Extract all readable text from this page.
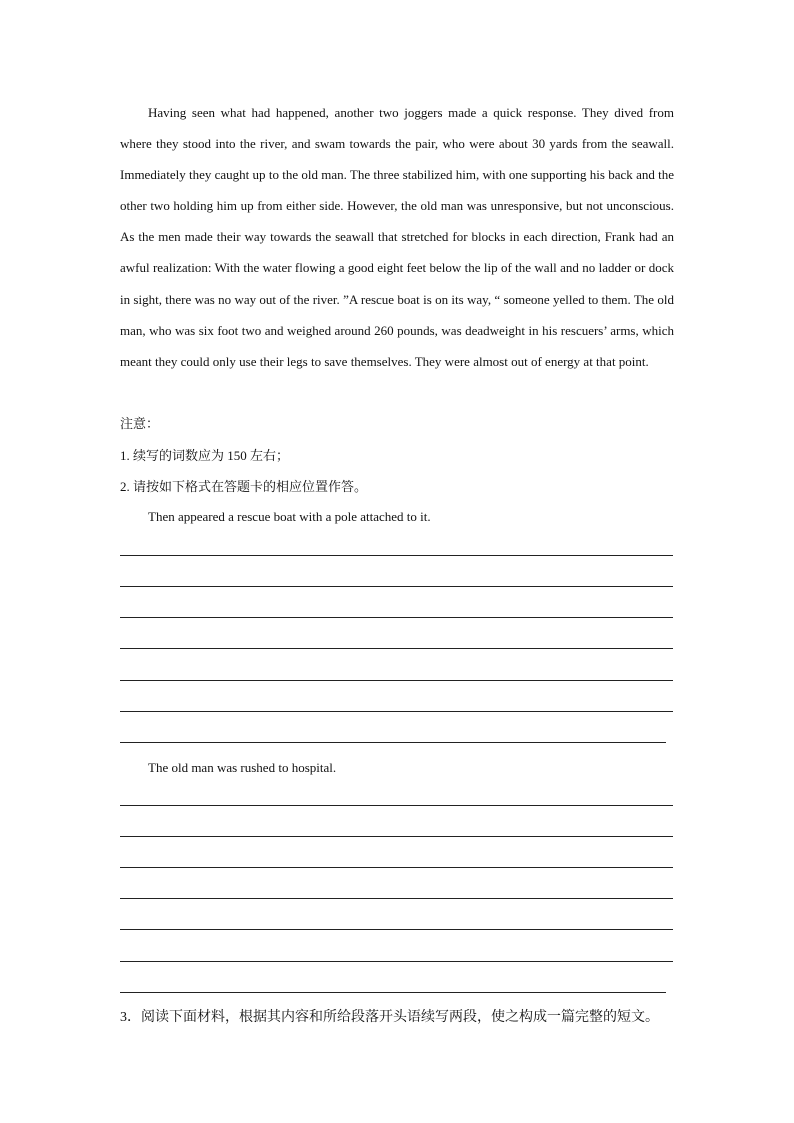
Having seen what had happened, another two joggers made a quick response. They dived from where they stood into the river, and swam towards the pair, who were about 30 yards from the seawall. Immediately they caught up to the old man. The three stabilized him, with one supporting his back and the other two holding him up from either side. However, the old man was unresponsive, but not unconscious. As the men made their way towards the seawall that stretched for blocks in each direction, Frank had an awful realization: With the water flowing a good eight feet below the lip of the wall and no ladder or dock in sight, there was no way out of the river. ”A rescue boat is on its way, “ someone yelled to them. The old man, who was six foot two and weighed around 260 pounds, was deadweight in his rescuers’ arms, which meant they could only use their legs to save themselves. They were almost out of energy at that point.

注意：

1. 续写的词数应为 150 左右；

2. 请按如下格式在答题卡的相应位置作答。

Then appeared a rescue boat with a pole attached to it.

The old man was rushed to hospital.

3．阅读下面材料，根据其内容和所给段落开头语续写两段，使之构成一篇完整的短文。
